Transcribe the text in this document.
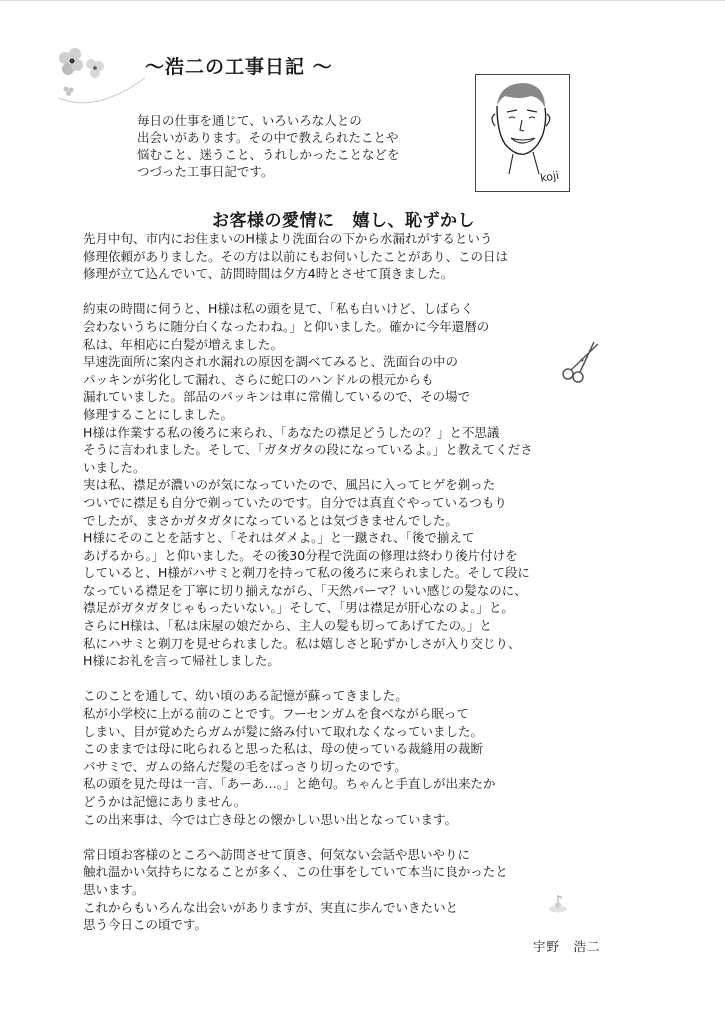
～浩二の工事日記 ～

毎日の仕事を通じて、いろいろな人との

出会いがあります。その中で教えられたことや

悩むこと、迷うこと、うれしかったことなどを

つづった工事日記です。	koji
お客様の愛情に 嬉し、恥ずかし

先月中旬、市内にお住まいのH様より洗面台の下から水漏れがするという

修理依頼がありました。その方は以前にもお伺いしたことがあり、この日は

修理が立て込んでいて、訪問時間は夕方4時とさせて頂きました。

約束の時間に伺うと、H様は私の頭を見て、「私も白いけど、しばらく

会わないうちに随分白くなったわね。」と仰いました。確かに今年還暦の

私は、年相応に白髪が増えました。

早速洗面所に案内され水漏れの原因を調べてみると、洗面台の中の

パッキンが劣化して漏れ、さらに蛇口のハンドルの根元からも

漏れていました。部品のパッキンは車に常備しているので、その場で

修理することにしました。

H様は作業する私の後ろに来られ、「あなたの襟足どうしたの？」と不思議

そうに言われました。そして、「ガタガタの段になっているよ。」と教えてくださ

いました。

実は私、襟足が濃いのが気になっていたので、風呂に入ってヒゲを剃った

ついでに襟足も自分で剃っていたのです。自分では真直ぐやっているつもり

でしたが、まさかガタガタになっているとは気づきませんでした。

H様にそのことを話すと、「それはダメよ。」と一蹴され、「後で揃えて

あげるから。」と仰いました。その後30分程で洗面の修理は終わり後片付けを

していると、H様がハサミと剃刀を持って私の後ろに来られました。そして段に

なっている襟足を丁寧に切り揃えながら、「天然パーマ？いい感じの髪なのに、

襟足がガタガタじゃもったいない。」そして、「男は襟足が肝心なのよ。」と。

さらにH様は、「私は床屋の娘だから、主人の髪も切ってあげてたの。」と

私にハサミと剃刀を見せられました。私は嬉しさと恥ずかしさが入り交じり、

H様にお礼を言って帰社しました。

このことを通して、幼い頃のある記憶が蘇ってきました。

私が小学校に上がる前のことです。フーセンガムを食べながら眠って

しまい、目が覚めたらガムが髪に絡み付いて取れなくなっていました。

このままでは母に叱られると思った私は、母の使っている裁縫用の裁断

バサミで、ガムの絡んだ髪の毛をばっさり切ったのです。

私の頭を見た母は一言、「あーあ…。」と絶句。ちゃんと手直しが出来たか

どうかは記憶にありません。

この出来事は、今では亡き母との懐かしい思い出となっています。

常日頃お客様のところへ訪問させて頂き、何気ない会話や思いやりに

触れ温かい気持ちになることが多く、この仕事をしていて本当に良かったと

思います。

これからもいろんな出会いがありますが、実直に歩んでいきたいと

思う今日この頃です。

宇野　浩二
